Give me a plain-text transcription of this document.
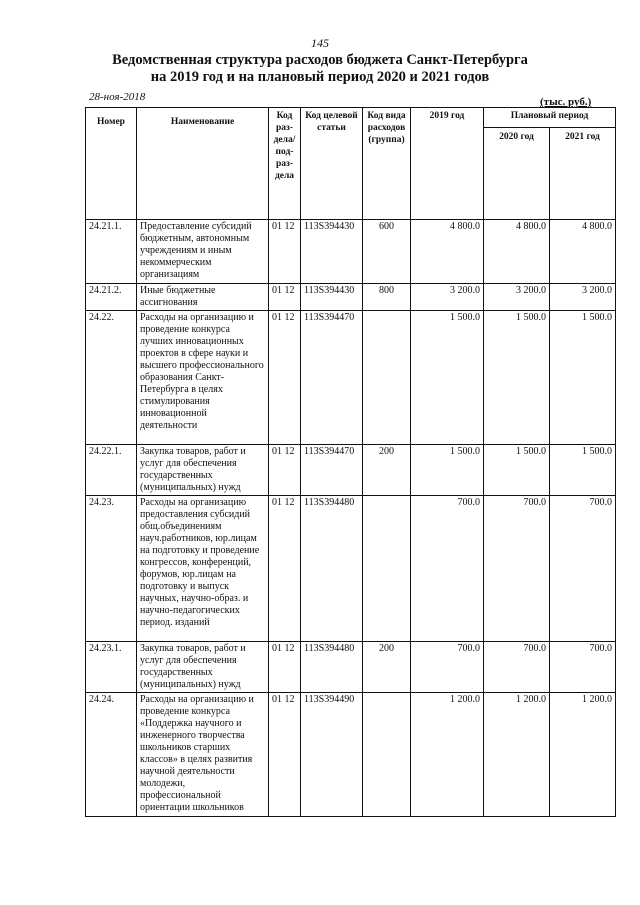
145
Ведомственная структура расходов бюджета Санкт-Петербурга
на 2019 год и на плановый период 2020 и 2021 годов
28-ноя-2018	(тыс. руб.)
Номер	Наименование	Код раз- дела/ под- раз- дела	Код целевой статьи	Код вида расходов (группа)	2019 год	Плановый период	
						2020 год	2021 год
24.21.1.	Предоставление субсидий бюджетным, автономным учреждениям и иным некоммерческим организациям	01 12	113S394430	600	4 800.0	4 800.0	4 800.0
24.21.2.	Иные бюджетные ассигнования	01 12	113S394430	800	3 200.0	3 200.0	3 200.0
24.22.	Расходы на организацию и проведение конкурса лучших инновационных проектов в сфере науки и высшего профессионального образования Санкт-Петербурга в целях стимулирования инновационной деятельности	01 12	113S394470		1 500.0	1 500.0	1 500.0
24.22.1.	Закупка товаров, работ и услуг для обеспечения государственных (муниципальных) нужд	01 12	113S394470	200	1 500.0	1 500.0	1 500.0
24.23.	Расходы на организацию предоставления субсидий общ.объединениям науч.работников, юр.лицам на подготовку и проведение конгрессов, конференций, форумов, юр.лицам на подготовку и выпуск научных, научно-образ. и научно-педагогических период. изданий	01 12	113S394480		700.0	700.0	700.0
24.23.1.	Закупка товаров, работ и услуг для обеспечения государственных (муниципальных) нужд	01 12	113S394480	200	700.0	700.0	700.0
24.24.	Расходы на организацию и проведение конкурса «Поддержка научного и инженерного творчества школьников старших классов» в целях развития научной деятельности молодежи, профессиональной ориентации школьников	01 12	113S394490		1 200.0	1 200.0	1 200.0
